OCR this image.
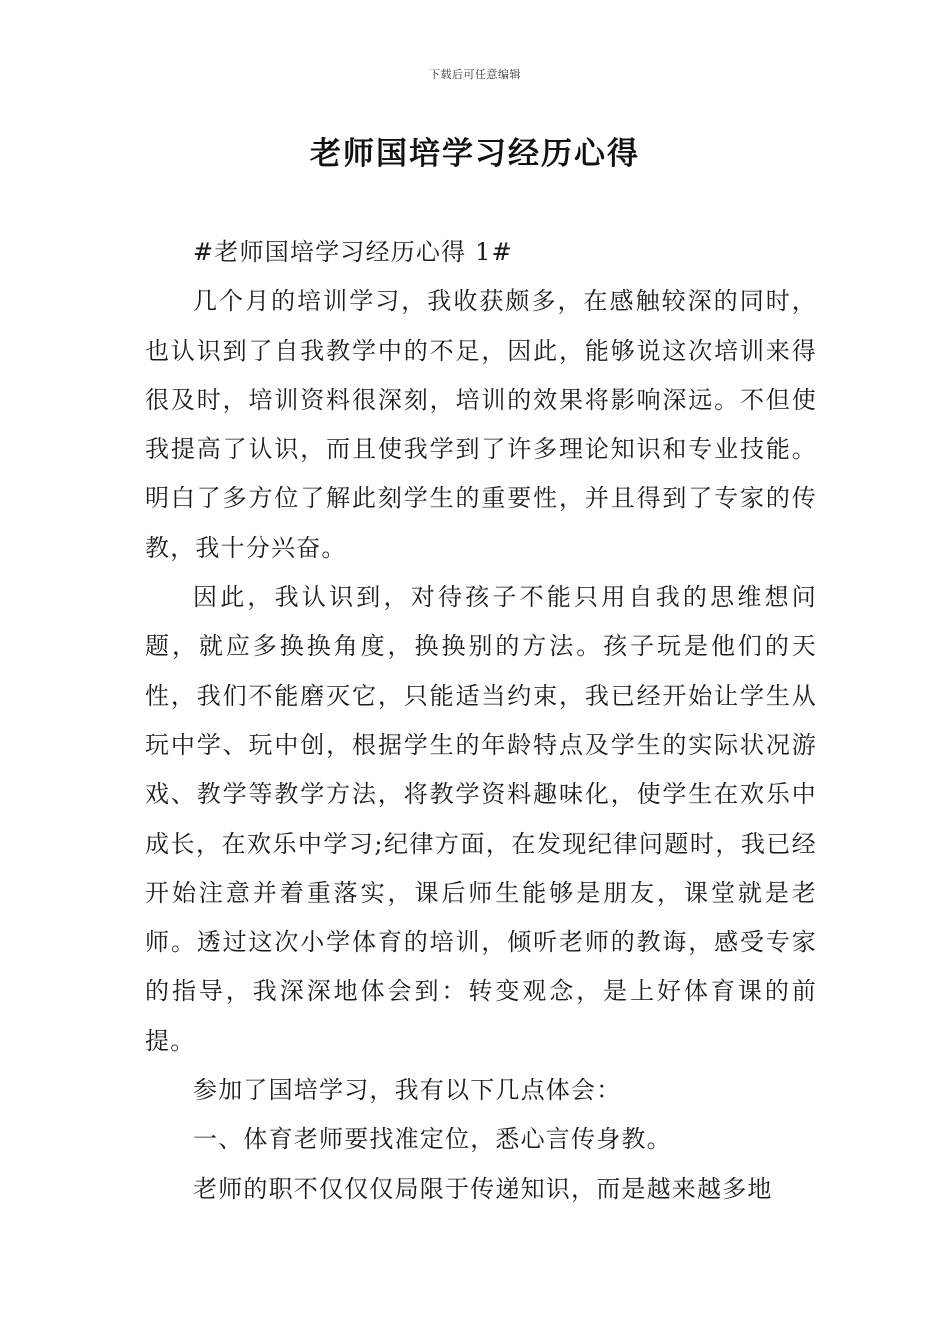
下载后可任意编辑
老师国培学习经历心得

#老师国培学习经历心得 1#

几个月的培训学习，我收获颇多，在感触较深的同时，也认识到了自我教学中的不足，因此，能够说这次培训来得很及时，培训资料很深刻，培训的效果将影响深远。不但使我提高了认识，而且使我学到了许多理论知识和专业技能。明白了多方位了解此刻学生的重要性，并且得到了专家的传教，我十分兴奋。

因此，我认识到，对待孩子不能只用自我的思维想问题，就应多换换角度，换换别的方法。孩子玩是他们的天性，我们不能磨灭它，只能适当约束，我已经开始让学生从玩中学、玩中创，根据学生的年龄特点及学生的实际状况游戏、教学等教学方法，将教学资料趣味化，使学生在欢乐中成长，在欢乐中学习;纪律方面，在发现纪律问题时，我已经开始注意并着重落实，课后师生能够是朋友，课堂就是老师。透过这次小学体育的培训，倾听老师的教诲，感受专家的指导，我深深地体会到：转变观念，是上好体育课的前提。

参加了国培学习，我有以下几点体会：

一、体育老师要找准定位，悉心言传身教。

老师的职不仅仅仅局限于传递知识，而是越来越多地
